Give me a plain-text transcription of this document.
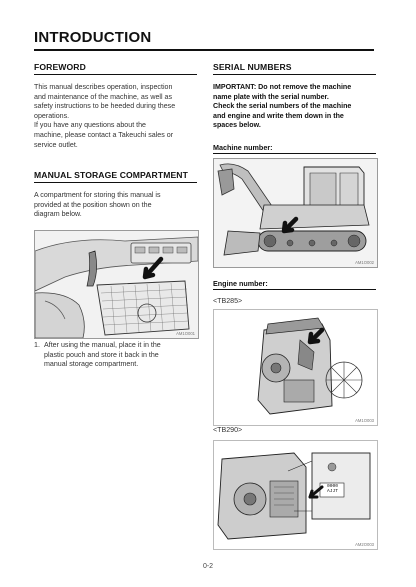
INTRODUCTION
FOREWORD
This manual describes operation, inspection
and maintenance of the machine, as well as
safety instructions to be heeded during these
operations.
If you have any questions about the
machine, please contact a Takeuchi sales or
service outlet.
MANUAL STORAGE COMPARTMENT
A compartment for storing this manual is
provided at the position shown on the
diagram below.
AM1O001
1. After using the manual, place it in the
plastic pouch and store it back in the
manual storage compartment.
SERIAL NUMBERS
IMPORTANT: Do not remove the machine
name plate with the serial number.
Check the serial numbers of the machine
and engine and write them down in the
spaces below.
Machine number:
AM1O002
Engine number:
<TB285>
AM1O003
<TB290>
0000
AJJT
AM2O003
0-2
